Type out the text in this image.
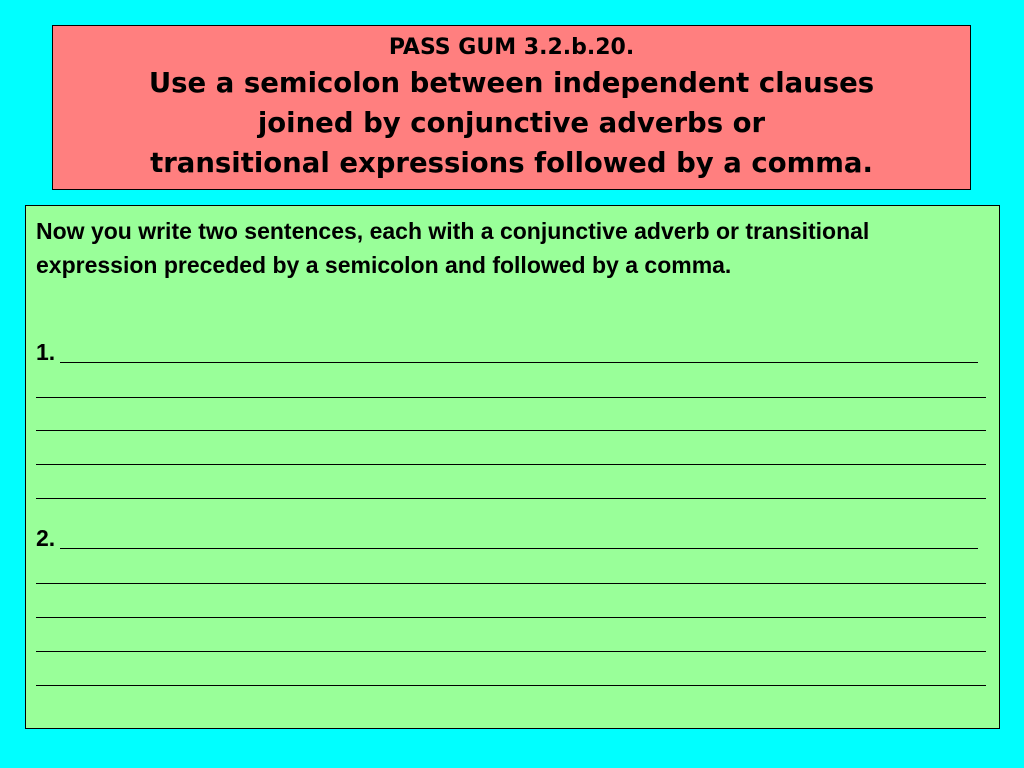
PASS GUM 3.2.b.20.
Use a semicolon between independent clauses
joined by conjunctive adverbs or
transitional expressions followed by a comma.
Now you write two sentences, each with a conjunctive adverb or transitional expression preceded by a semicolon and followed by a comma.
1.
2.
